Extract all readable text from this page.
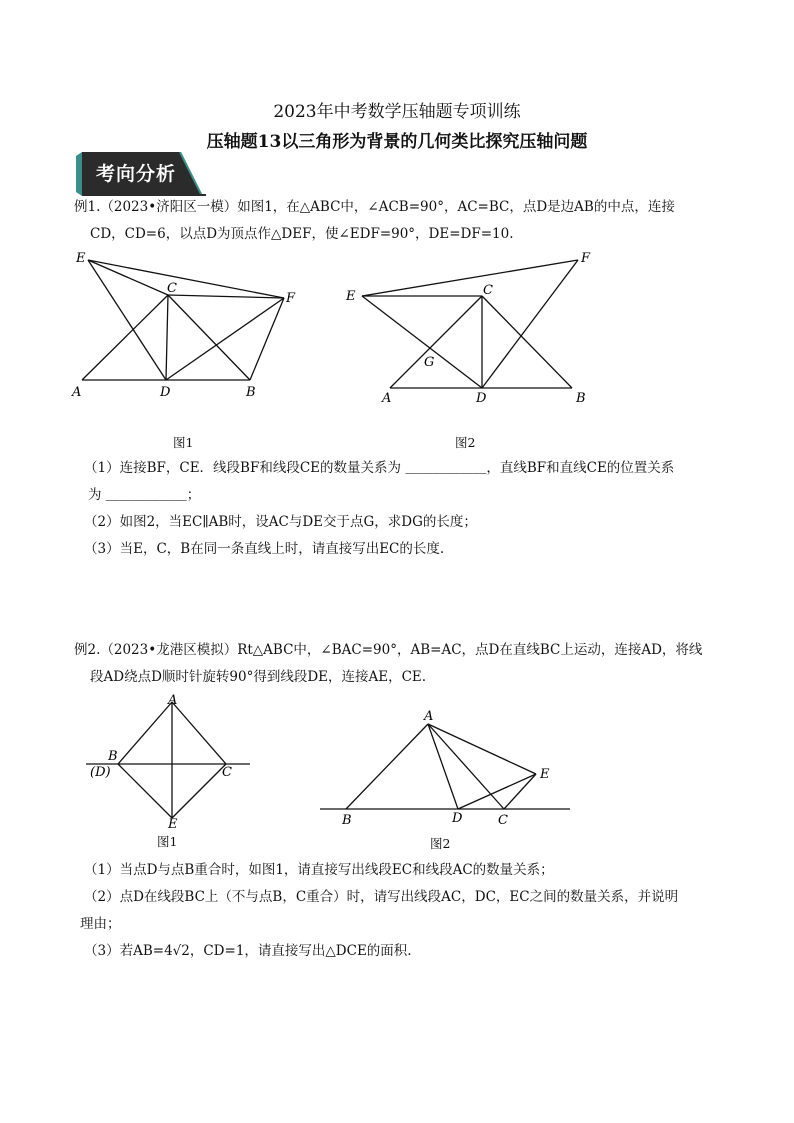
2023年中考数学压轴题专项训练
压轴题13以三角形为背景的几何类比探究压轴问题
考向分析
例1.（2023•济阳区一模）如图1，在△ABC中，∠ACB=90°，AC=BC，点D是边AB的中点，连接
CD，CD=6，以点D为顶点作△DEF，使∠EDF=90°，DE=DF=10.
E
C
F
A	D	B
图1
F
E	C
G
A	D	B
图2
（1）连接BF，CE．线段BF和线段CE的数量关系为 ＿＿＿＿＿＿，直线BF和直线CE的位置关系
为 ＿＿＿＿＿＿；
（2）如图2，当EC∥AB时，设AC与DE交于点G，求DG的长度；
（3）当E，C，B在同一条直线上时，请直接写出EC的长度.
例2.（2023•龙港区模拟）Rt△ABC中，∠BAC=90°，AB=AC，点D在直线BC上运动，连接AD，将线
段AD绕点D顺时针旋转90°得到线段DE，连接AE，CE.
A
B
(D)	C
E
图1
A
E
B	D	C
图2
（1）当点D与点B重合时，如图1，请直接写出线段EC和线段AC的数量关系；
（2）点D在线段BC上（不与点B，C重合）时，请写出线段AC，DC，EC之间的数量关系，并说明
理由；
（3）若AB=4√2，CD=1，请直接写出△DCE的面积.
